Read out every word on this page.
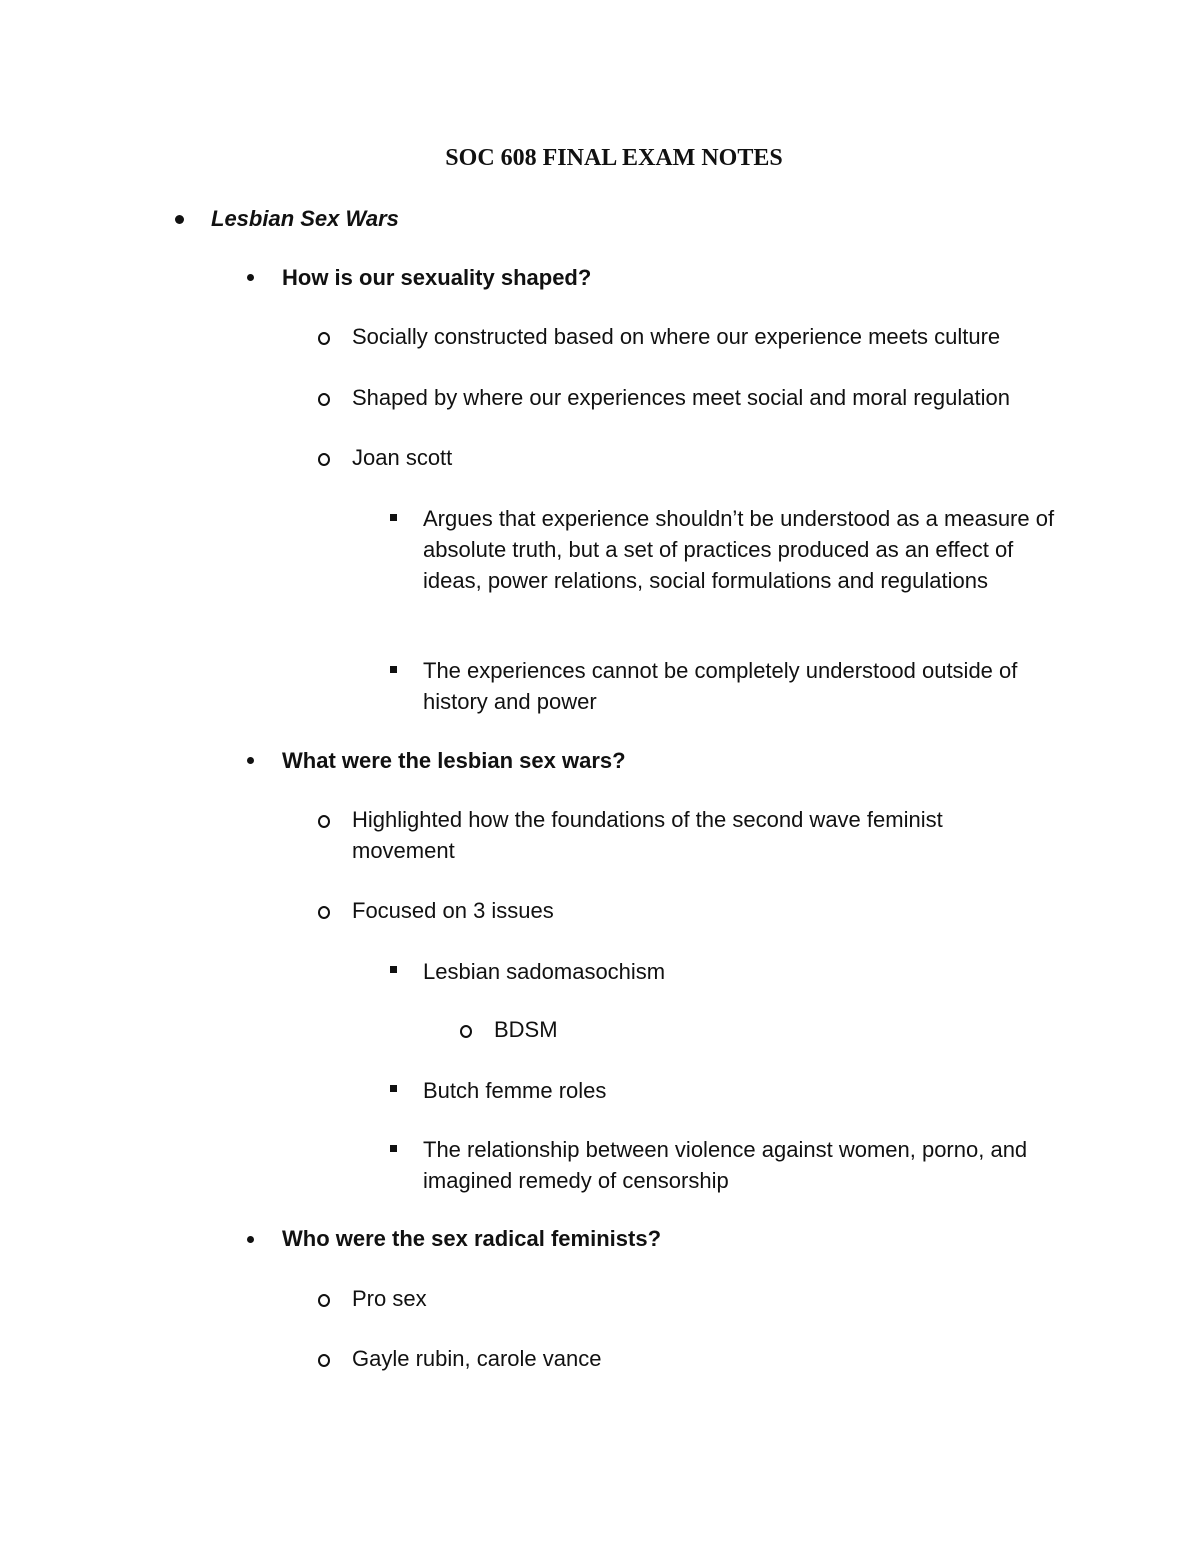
SOC 608 FINAL EXAM NOTES
Lesbian Sex Wars
How is our sexuality shaped?
Socially constructed based on where our experience meets culture
Shaped by where our experiences meet social and moral regulation
Joan scott
Argues that experience shouldn’t be understood as a measure of absolute truth, but a set of practices produced as an effect of ideas, power relations, social formulations and regulations
The experiences cannot be completely understood outside of history and power
What were the lesbian sex wars?
Highlighted how the foundations of the second wave feminist movement
Focused on 3 issues
Lesbian sadomasochism
BDSM
Butch femme roles
The relationship between violence against women, porno, and imagined remedy of censorship
Who were the sex radical feminists?
Pro sex
Gayle rubin, carole vance
